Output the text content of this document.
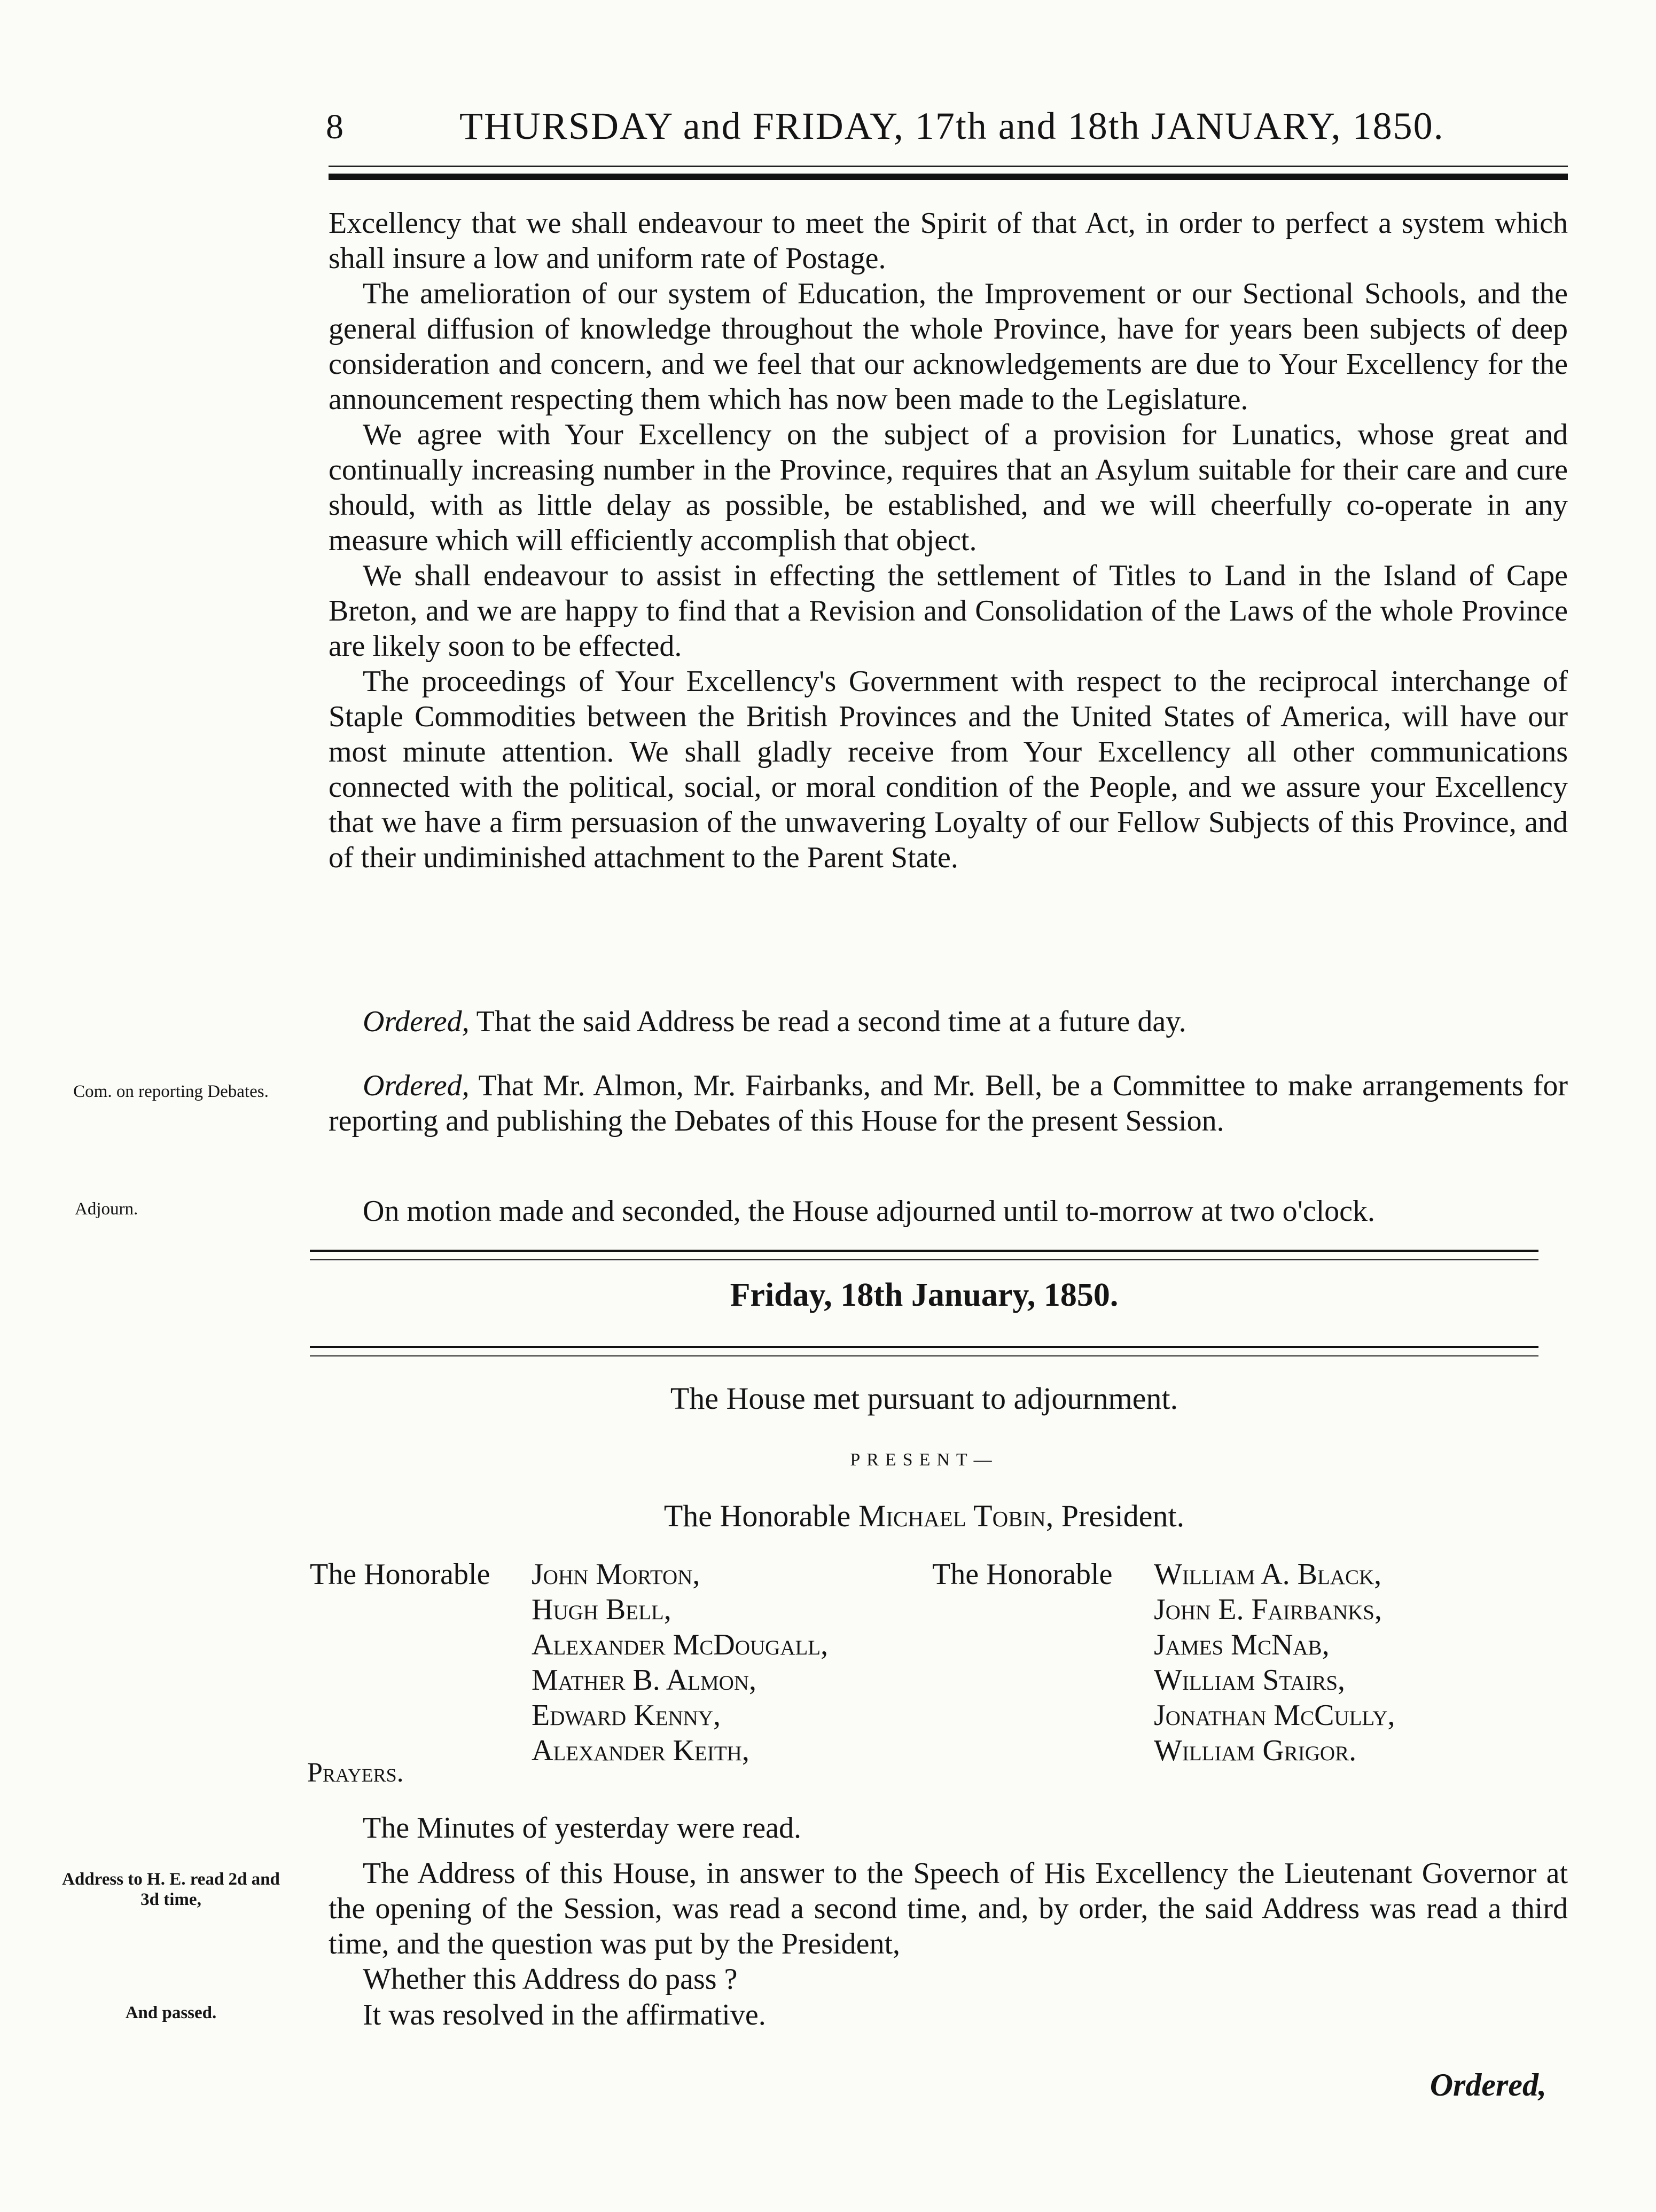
8	THURSDAY and FRIDAY, 17th and 18th JANUARY, 1850.

Excellency that we shall endeavour to meet the Spirit of that Act, in order to perfect a system which shall insure a low and uniform rate of Postage.

The amelioration of our system of Education, the Improvement or our Sectional Schools, and the general diffusion of knowledge throughout the whole Province, have for years been subjects of deep consideration and concern, and we feel that our acknowledgements are due to Your Excellency for the announcement respecting them which has now been made to the Legislature.

We agree with Your Excellency on the subject of a provision for Lunatics, whose great and continually increasing number in the Province, requires that an Asylum suitable for their care and cure should, with as little delay as possible, be established, and we will cheerfully co-operate in any measure which will efficiently accomplish that object.

We shall endeavour to assist in effecting the settlement of Titles to Land in the Island of Cape Breton, and we are happy to find that a Revision and Consolidation of the Laws of the whole Province are likely soon to be effected.

The proceedings of Your Excellency's Government with respect to the reciprocal interchange of Staple Commodities between the British Provinces and the United States of America, will have our most minute attention. We shall gladly receive from Your Excellency all other communications connected with the political, social, or moral condition of the People, and we assure your Excellency that we have a firm persuasion of the unwavering Loyalty of our Fellow Subjects of this Province, and of their undiminished attachment to the Parent State.

Ordered, That the said Address be read a second time at a future day.

Com. on reporting Debates.	Ordered, That Mr. Almon, Mr. Fairbanks, and Mr. Bell, be a Committee to make arrangements for reporting and publishing the Debates of this House for the present Session.

Adjourn.	On motion made and seconded, the House adjourned until to-morrow at two o'clock.

Friday, 18th January, 1850.
The House met pursuant to adjournment.
PRESENT—
The Honorable Michael Tobin, President.
The Honorable John Morton,
Hugh Bell,
Alexander McDougall,
Mather B. Almon,
Edward Kenny,
Alexander Keith,
The Honorable William A. Black,
John E. Fairbanks,
James McNab,
William Stairs,
Jonathan McCully,
William Grigor.
Prayers.

The Minutes of yesterday were read.

Address to H. E. read 2d and 3d time,

The Address of this House, in answer to the Speech of His Excellency the Lieutenant Governor at the opening of the Session, was read a second time, and, by order, the said Address was read a third time, and the question was put by the President,

Whether this Address do pass ?

And passed.	It was resolved in the affirmative.

Ordered,
